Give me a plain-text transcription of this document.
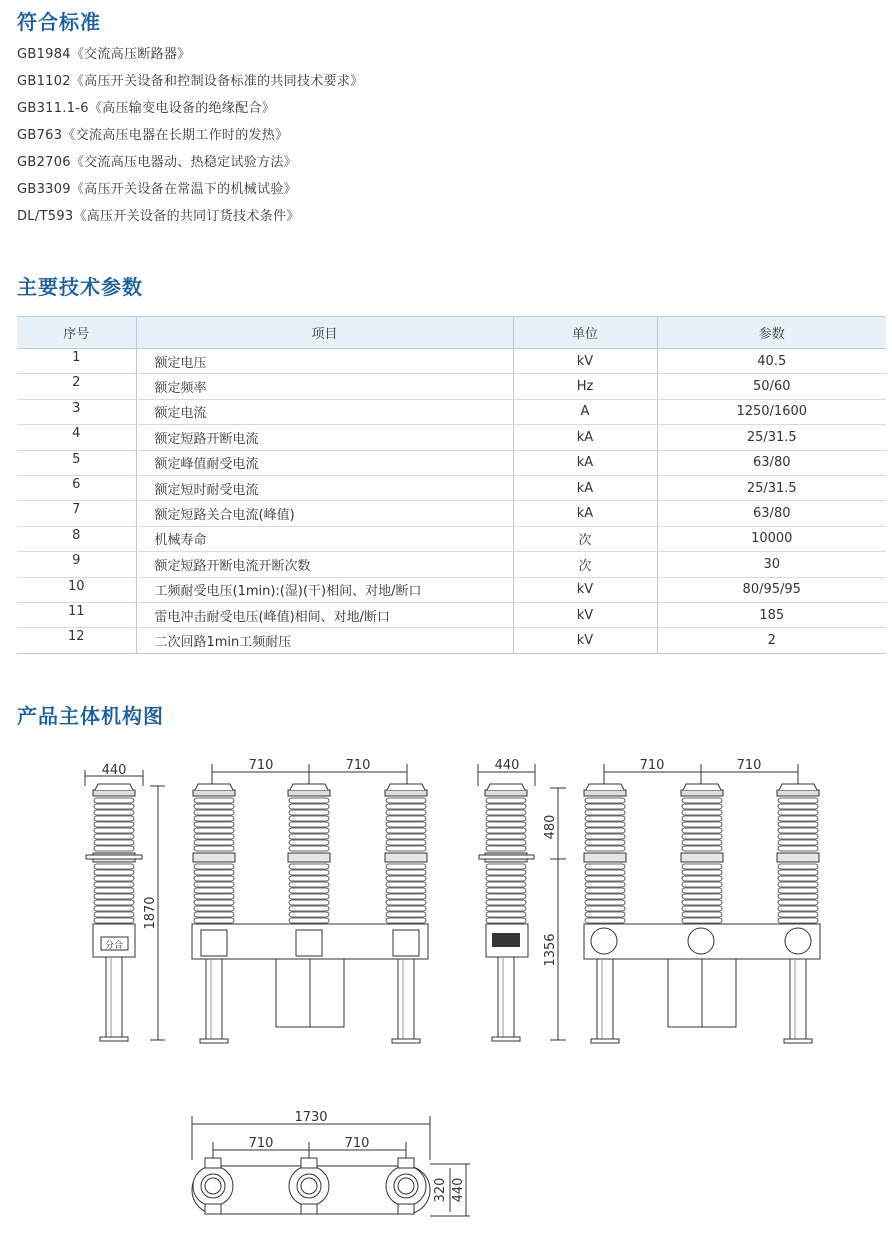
符合标准
GB1984《交流高压断路器》
GB1102《高压开关设备和控制设备标准的共同技术要求》
GB311.1-6《高压输变电设备的绝缘配合》
GB763《交流高压电器在长期工作时的发热》
GB2706《交流高压电器动、热稳定试验方法》
GB3309《高压开关设备在常温下的机械试验》
DL/T593《高压开关设备的共同订货技术条件》
主要技术参数
序号	项目	单位	参数
1	额定电压	kV	40.5
2	额定频率	Hz	50/60
3	额定电流	A	1250/1600
4	额定短路开断电流	kA	25/31.5
5	额定峰值耐受电流	kA	63/80
6	额定短时耐受电流	kA	25/31.5
7	额定短路关合电流(峰值)	kA	63/80
8	机械寿命	次	10000
9	额定短路开断电流开断次数	次	30
10	工频耐受电压(1min):(湿)(干)相间、对地/断口	kV	80/95/95
11	雷电冲击耐受电压(峰值)相间、对地/断口	kV	185
12	二次回路1min工频耐压	kV	2
产品主体机构图
440
1870
分合
710	710	440
480
1356
710	710
1730
710	710
320 440
